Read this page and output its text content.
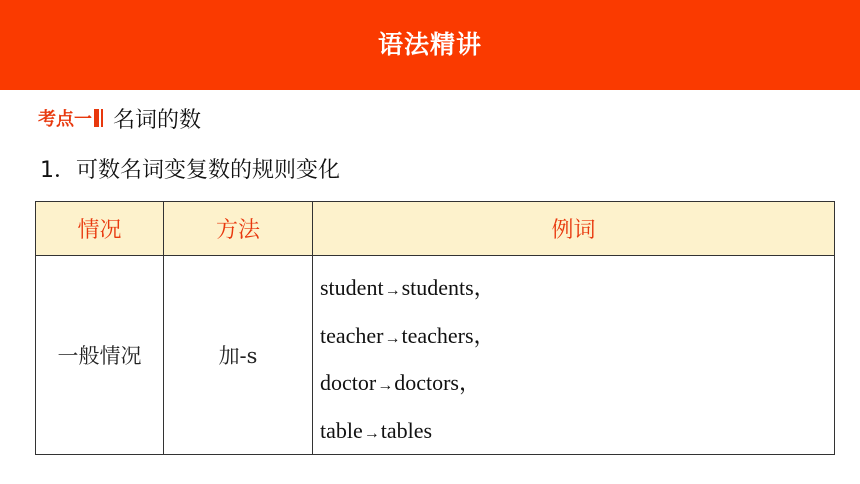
语法精讲
考点一 名词的数
1．可数名词变复数的规则变化
情况	方法	例词
一般情况	加-s	student→students，
teacher→teachers，
doctor→doctors，
table→tables
